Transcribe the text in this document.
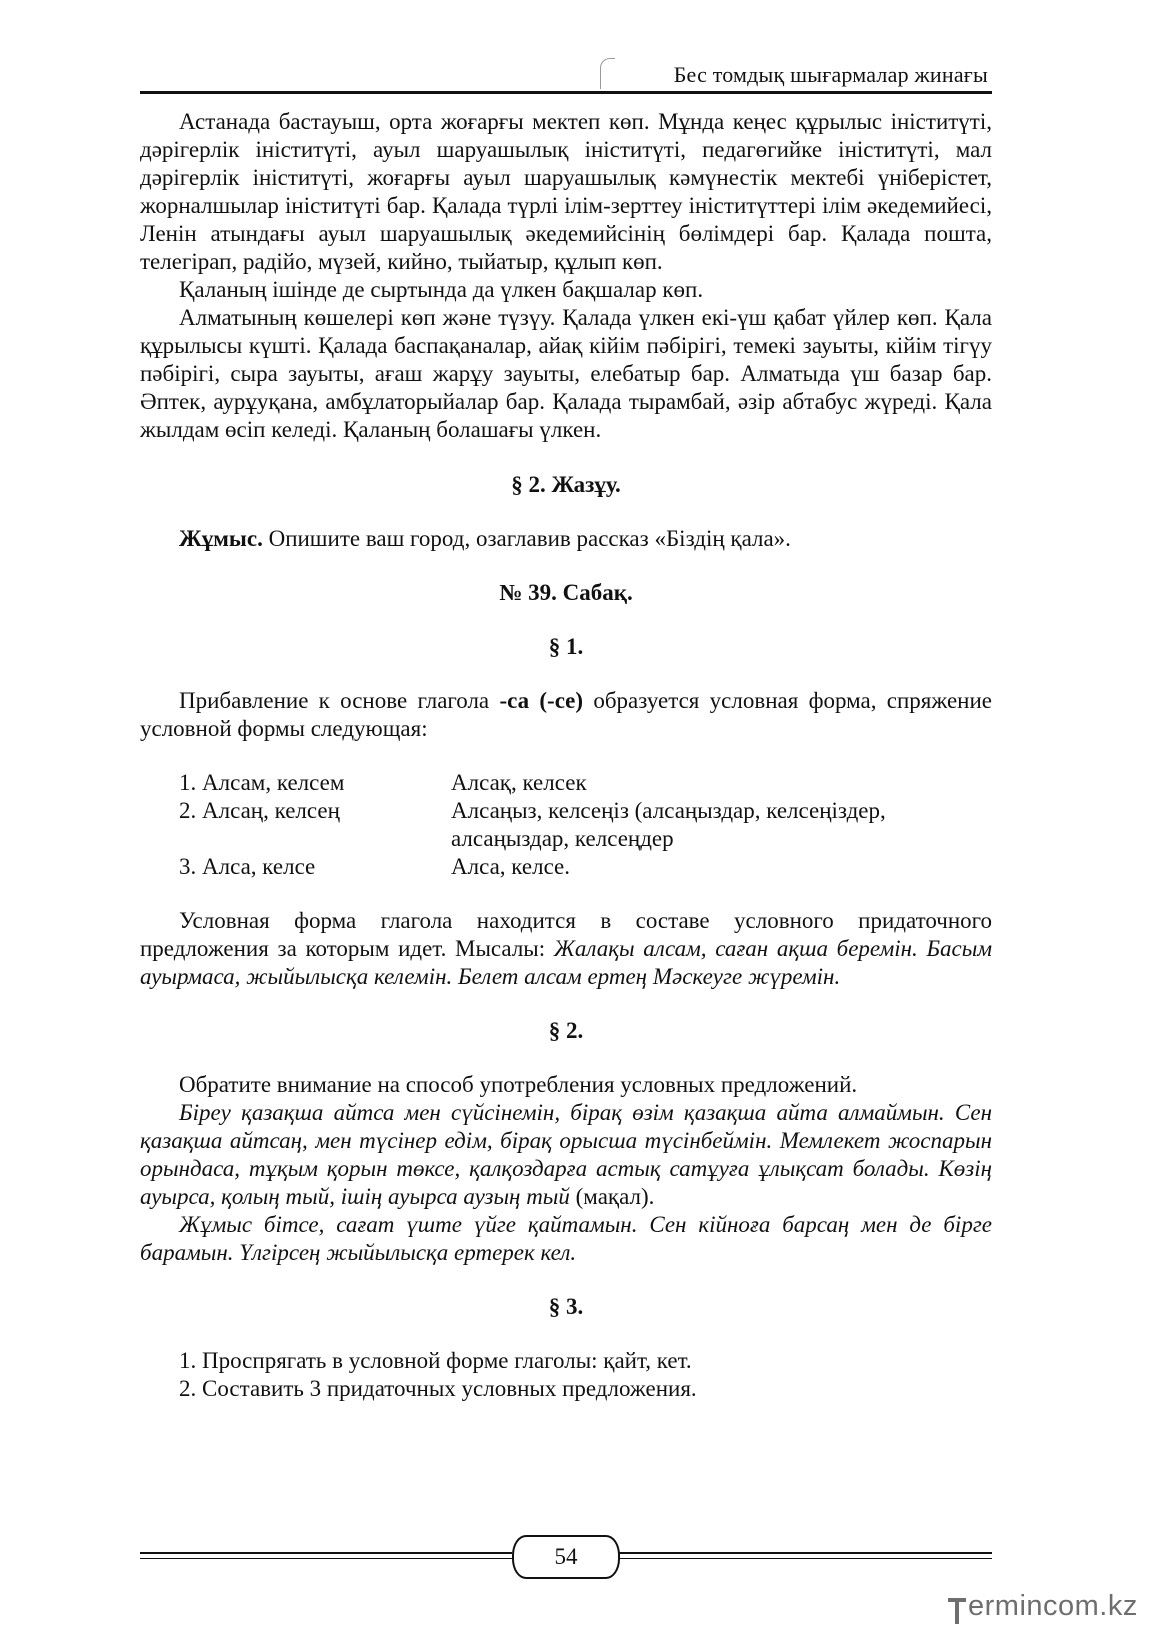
Бес томдық шығармалар жинағы

Астанада бастауыш, орта жоғарғы мектеп көп. Мұнда кеңес құрылыс ініститүті, дәрігерлік ініститүті, ауыл шаруашылық ініститүті, педагөгийке ініститүті, мал дәрігерлік ініститүті, жоғарғы ауыл шаруашылық кәмүнестік мектебі үніберістет, жорналшылар ініститүті бар. Қалада түрлі ілім-зерттеу ініститүттері ілім әкедемийесі, Ленін атындағы ауыл шаруашылық әкедемийсінің бөлімдері бар. Қалада пошта, телегірап, радійо, мүзей, кийно, тыйатыр, құлып көп.

Қаланың ішінде де сыртында да үлкен бақшалар көп.

Алматының көшелері көп және түзүу. Қалада үлкен екі-үш қабат үйлер көп. Қала құрылысы күшті. Қалада баспақаналар, айақ кійім пәбірігі, темекі зауыты, кійім тігүу пәбірігі, сыра зауыты, ағаш жарұу зауыты, елебатыр бар. Алматыда үш базар бар. Әптек, аурұуқана, амбұлаторыйалар бар. Қалада тырамбай, әзір абтабус жүреді. Қала жылдам өсіп келеді. Қаланың болашағы үлкен.

§ 2. Жазұу.

Жұмыс. Опишите ваш город, озаглавив рассказ «Біздің қала».

№ 39. Сабақ.

§ 1.

Прибавление к основе глагола -са (-се) образуется условная форма, спряжение условной формы следующая:

1. Алсам, келсем	Алсақ, келсек
2. Алсаң, келсең	Алсаңыз, келсеңіз (алсаңыздар, келсеңіздер, алсаңыздар, келсеңдер
3. Алса, келсе	Алса, келсе.

Условная форма глагола находится в составе условного придаточного предложения за которым идет. Мысалы: Жалақы алсам, саған ақша беремін. Басым ауырмаса, жыйылысқа келемін. Белет алсам ертең Мәскеуге жүремін.

§ 2.

Обратите внимание на способ употребления условных предложений.

Біреу қазақша айтса мен сүйсінемін, бірақ өзім қазақша айта алмаймын. Сен қазақша айтсаң, мен түсінер едім, бірақ орысша түсінбеймін. Мемлекет жоспарын орындаса, тұқым қорын төксе, қалқоздарға астық сатұуға ұлықсат болады. Көзің ауырса, қолың тый, ішің ауырса аузың тый (мақал).

Жұмыс бітсе, сағат үште үйге қайтамын. Сен кійноға барсаң мен де бірге барамын. Үлгірсең жыйылысқа ертерек кел.

§ 3.

1. Проспрягать в условной форме глаголы: қайт, кет.

2. Составить 3 придаточных условных предложения.

54
ermincom.kz
